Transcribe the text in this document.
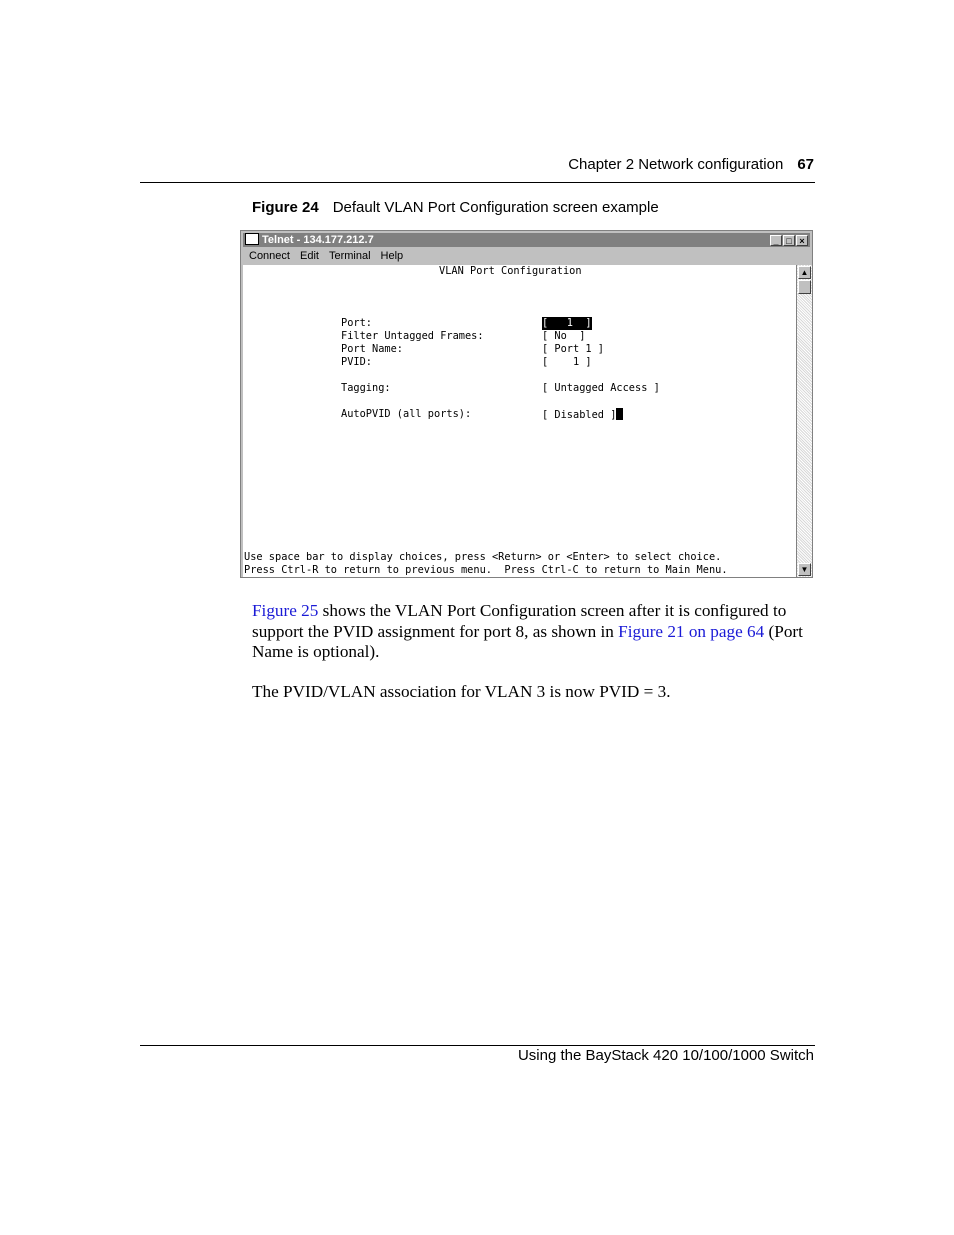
Chapter 2 Network configuration 67
Figure 24 Default VLAN Port Configuration screen example
Telnet - 134.177.212.7	_ □ ×
Connect Edit Terminal Help
VLAN Port Configuration
Port:	[   1  ]
Filter Untagged Frames:	[ No  ]
Port Name:	[ Port 1 ]
PVID:	[    1 ]
Tagging:	[ Untagged Access ]
AutoPVID (all ports):	[ Disabled ]
Use space bar to display choices, press <Return> or <Enter> to select choice.
Press Ctrl-R to return to previous menu.  Press Ctrl-C to return to Main Menu.
▲
▼
Figure 25 shows the VLAN Port Configuration screen after it is configured to support the PVID assignment for port 8, as shown in Figure 21 on page 64 (Port Name is optional).
The PVID/VLAN association for VLAN 3 is now PVID = 3.
Using the BayStack 420 10/100/1000 Switch
